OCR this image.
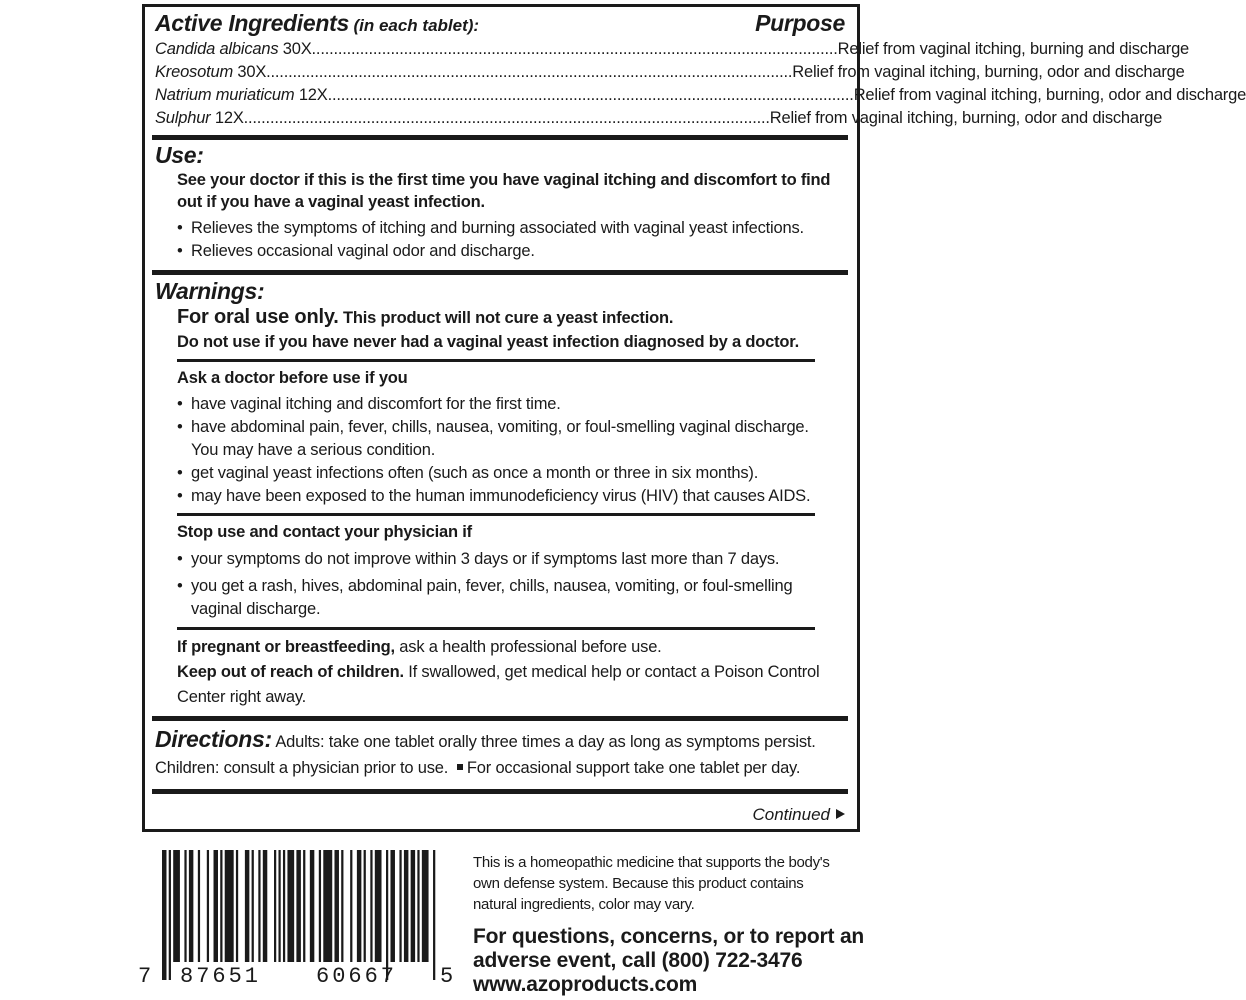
Active Ingredients (in each tablet):	Purpose
Candida albicans 30X ........................................................................................................................ Relief from vaginal itching, burning and discharge
Kreosotum 30X ........................................................................................................................ Relief from vaginal itching, burning, odor and discharge
Natrium muriaticum 12X ........................................................................................................................ Relief from vaginal itching, burning, odor and discharge
Sulphur 12X ........................................................................................................................ Relief from vaginal itching, burning, odor and discharge
Use:
See your doctor if this is the first time you have vaginal itching and discomfort to find out if you have a vaginal yeast infection.
• Relieves the symptoms of itching and burning associated with vaginal yeast infections.
• Relieves occasional vaginal odor and discharge.
Warnings:
For oral use only. This product will not cure a yeast infection.
Do not use if you have never had a vaginal yeast infection diagnosed by a doctor.
Ask a doctor before use if you
• have vaginal itching and discomfort for the first time.
• have abdominal pain, fever, chills, nausea, vomiting, or foul-smelling vaginal discharge. You may have a serious condition.
• get vaginal yeast infections often (such as once a month or three in six months).
• may have been exposed to the human immunodeficiency virus (HIV) that causes AIDS.
Stop use and contact your physician if
• your symptoms do not improve within 3 days or if symptoms last more than 7 days.
• you get a rash, hives, abdominal pain, fever, chills, nausea, vomiting, or foul-smelling vaginal discharge.
If pregnant or breastfeeding, ask a health professional before use.
Keep out of reach of children. If swallowed, get medical help or contact a Poison Control Center right away.
Directions: Adults: take one tablet orally three times a day as long as symptoms persist.
Children: consult a physician prior to use. For occasional support take one tablet per day.
Continued
7 87651 60667 5
This is a homeopathic medicine that supports the body's own defense system. Because this product contains natural ingredients, color may vary.
For questions, concerns, or to report an adverse event, call (800) 722-3476
www.azoproducts.com
